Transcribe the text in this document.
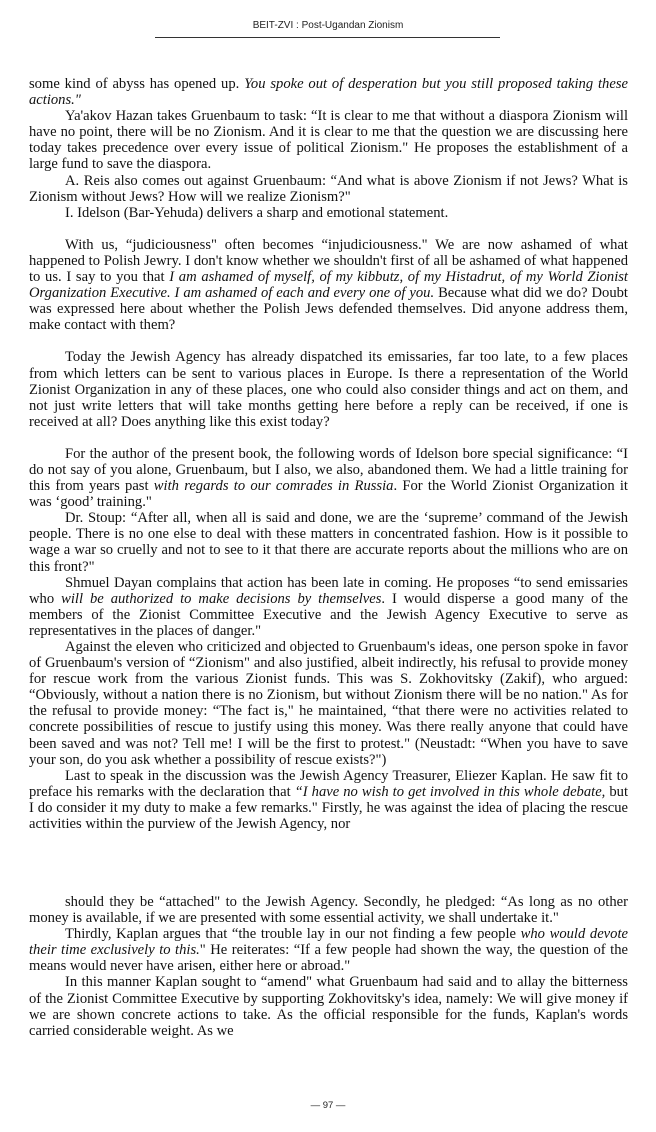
BEIT-ZVI : Post-Ugandan Zionism

some kind of abyss has opened up. You spoke out of desperation but you still proposed taking these actions."

Ya'akov Hazan takes Gruenbaum to task: “It is clear to me that without a diaspora Zionism will have no point, there will be no Zionism. And it is clear to me that the question we are discussing here today takes precedence over every issue of political Zionism." He proposes the establishment of a large fund to save the diaspora.

A. Reis also comes out against Gruenbaum: “And what is above Zionism if not Jews? What is Zionism without Jews? How will we realize Zionism?"

I. Idelson (Bar-Yehuda) delivers a sharp and emotional statement.

With us, “judiciousness" often becomes “injudiciousness." We are now ashamed of what happened to Polish Jewry. I don't know whether we shouldn't first of all be ashamed of what happened to us. I say to you that I am ashamed of myself, of my kibbutz, of my Histadrut, of my World Zionist Organization Executive. I am ashamed of each and every one of you. Because what did we do? Doubt was expressed here about whether the Polish Jews defended themselves. Did anyone address them, make contact with them?

Today the Jewish Agency has already dispatched its emissaries, far too late, to a few places from which letters can be sent to various places in Europe. Is there a representation of the World Zionist Organization in any of these places, one who could also consider things and act on them, and not just write letters that will take months getting here before a reply can be received, if one is received at all? Does anything like this exist today?

For the author of the present book, the following words of Idelson bore special significance: “I do not say of you alone, Gruenbaum, but I also, we also, abandoned them. We had a little training for this from years past with regards to our comrades in Russia. For the World Zionist Organization it was ‘good’ training."

Dr. Stoup: “After all, when all is said and done, we are the ‘supreme’ command of the Jewish people. There is no one else to deal with these matters in concentrated fashion. How is it possible to wage a war so cruelly and not to see to it that there are accurate reports about the millions who are on this front?"

Shmuel Dayan complains that action has been late in coming. He proposes “to send emissaries who will be authorized to make decisions by themselves. I would disperse a good many of the members of the Zionist Committee Executive and the Jewish Agency Executive to serve as representatives in the places of danger."

Against the eleven who criticized and objected to Gruenbaum's ideas, one person spoke in favor of Gruenbaum's version of “Zionism" and also justified, albeit indirectly, his refusal to provide money for rescue work from the various Zionist funds. This was S. Zokhovitsky (Zakif), who argued: “Obviously, without a nation there is no Zionism, but without Zionism there will be no nation." As for the refusal to provide money: “The fact is," he maintained, “that there were no activities related to concrete possibilities of rescue to justify using this money. Was there really anyone that could have been saved and was not? Tell me! I will be the first to protest." (Neustadt: “When you have to save your son, do you ask whether a possibility of rescue exists?")

Last to speak in the discussion was the Jewish Agency Treasurer, Eliezer Kaplan. He saw fit to preface his remarks with the declaration that “I have no wish to get involved in this whole debate, but I do consider it my duty to make a few remarks." Firstly, he was against the idea of placing the rescue activities within the purview of the Jewish Agency, nor

should they be “attached" to the Jewish Agency. Secondly, he pledged: “As long as no other money is available, if we are presented with some essential activity, we shall undertake it."

Thirdly, Kaplan argues that “the trouble lay in our not finding a few people who would devote their time exclusively to this." He reiterates: “If a few people had shown the way, the question of the means would never have arisen, either here or abroad."

In this manner Kaplan sought to “amend" what Gruenbaum had said and to allay the bitterness of the Zionist Committee Executive by supporting Zokhovitsky's idea, namely: We will give money if we are shown concrete actions to take. As the official responsible for the funds, Kaplan's words carried considerable weight. As we

— 97 —
